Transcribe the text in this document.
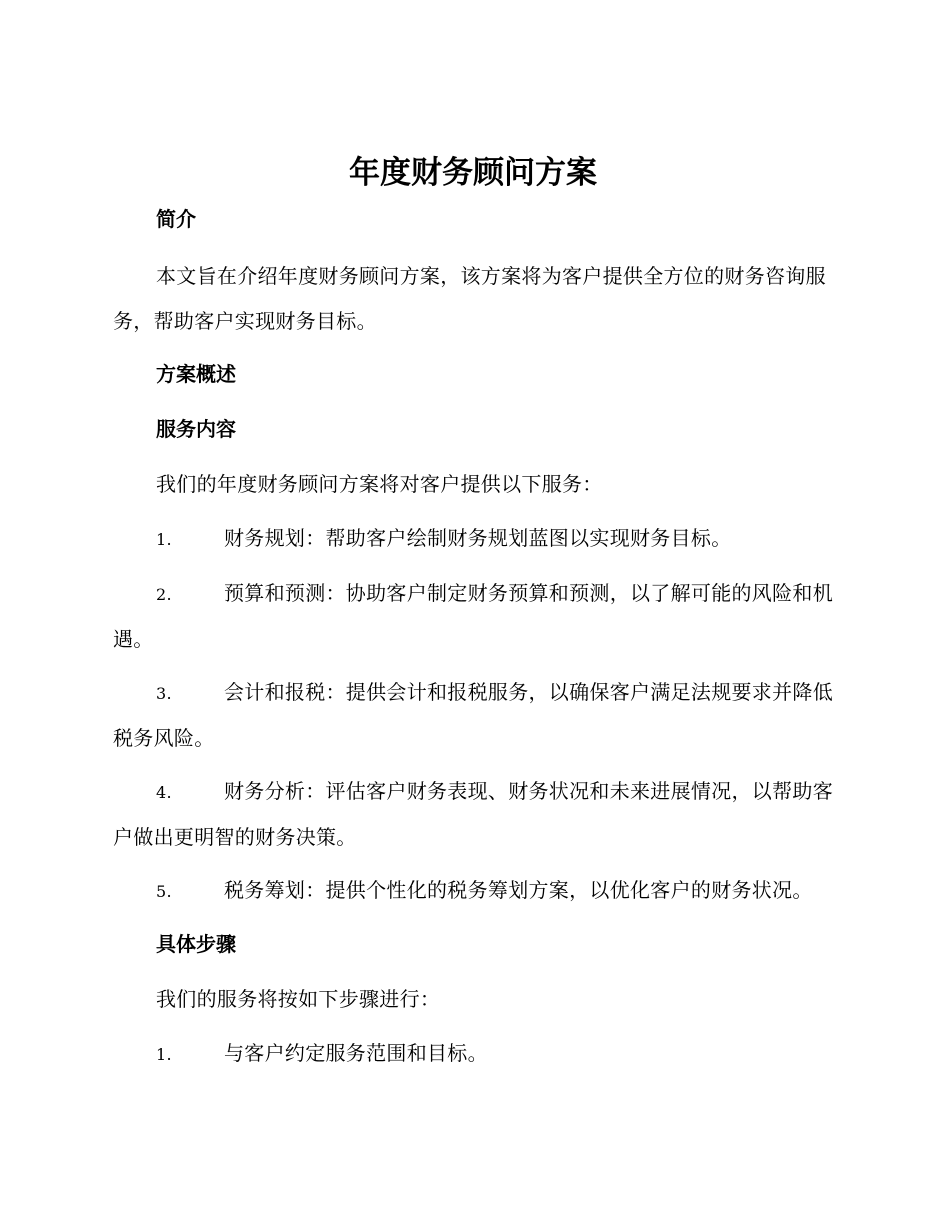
年度财务顾问方案

简介

本文旨在介绍年度财务顾问方案，该方案将为客户提供全方位的财务咨询服务，帮助客户实现财务目标。

方案概述

服务内容

我们的年度财务顾问方案将对客户提供以下服务：

1.	财务规划：帮助客户绘制财务规划蓝图以实现财务目标。

2.	预算和预测：协助客户制定财务预算和预测，以了解可能的风险和机遇。

3.	会计和报税：提供会计和报税服务，以确保客户满足法规要求并降低税务风险。

4.	财务分析：评估客户财务表现、财务状况和未来进展情况，以帮助客户做出更明智的财务决策。

5.	税务筹划：提供个性化的税务筹划方案，以优化客户的财务状况。

具体步骤

我们的服务将按如下步骤进行：

1.	与客户约定服务范围和目标。
